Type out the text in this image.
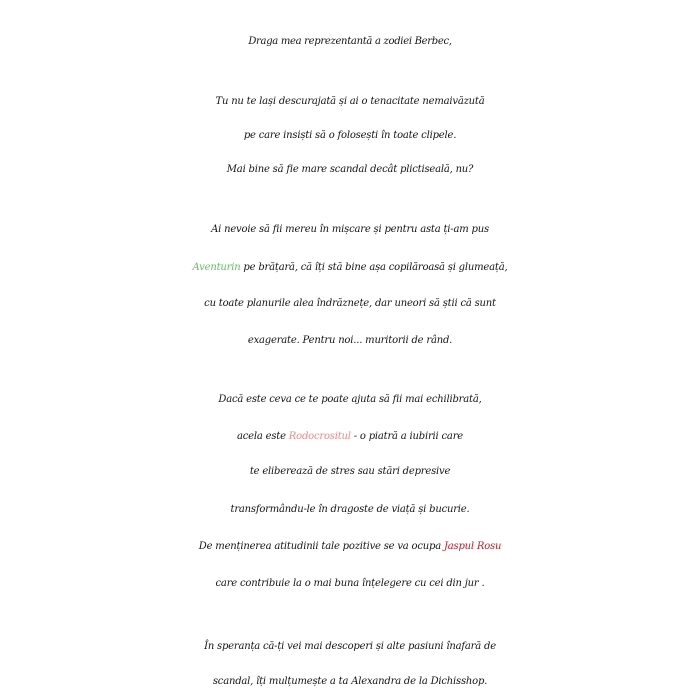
Draga mea reprezentantă a zodiei Berbec,
Tu nu te lași descurajată și ai o tenacitate nemaivăzută
pe care insiști să o folosești în toate clipele.
Mai bine să fie mare scandal decât plictiseală, nu?
Ai nevoie să fii mereu în mișcare și pentru asta ți-am pus
Aventurin pe brățară, că îți stă bine așa copilăroasă și glumeață,
cu toate planurile alea îndrăznețe, dar uneori să știi că sunt
exagerate. Pentru noi... muritorii de rând.
Dacă este ceva ce te poate ajuta să fii mai echilibrată,
acela este Rodocrositul - o piatră a iubirii care
te eliberează de stres sau stări depresive
transformându-le în dragoste de viață și bucurie.
De menținerea atitudinii tale pozitive se va ocupa Jaspul Rosu
care contribuie la o mai buna înțelegere cu cei din jur .
În speranța că-ți vei mai descoperi și alte pasiuni înafară de
scandal, îți mulțumește a ta Alexandra de la Dichisshop.
